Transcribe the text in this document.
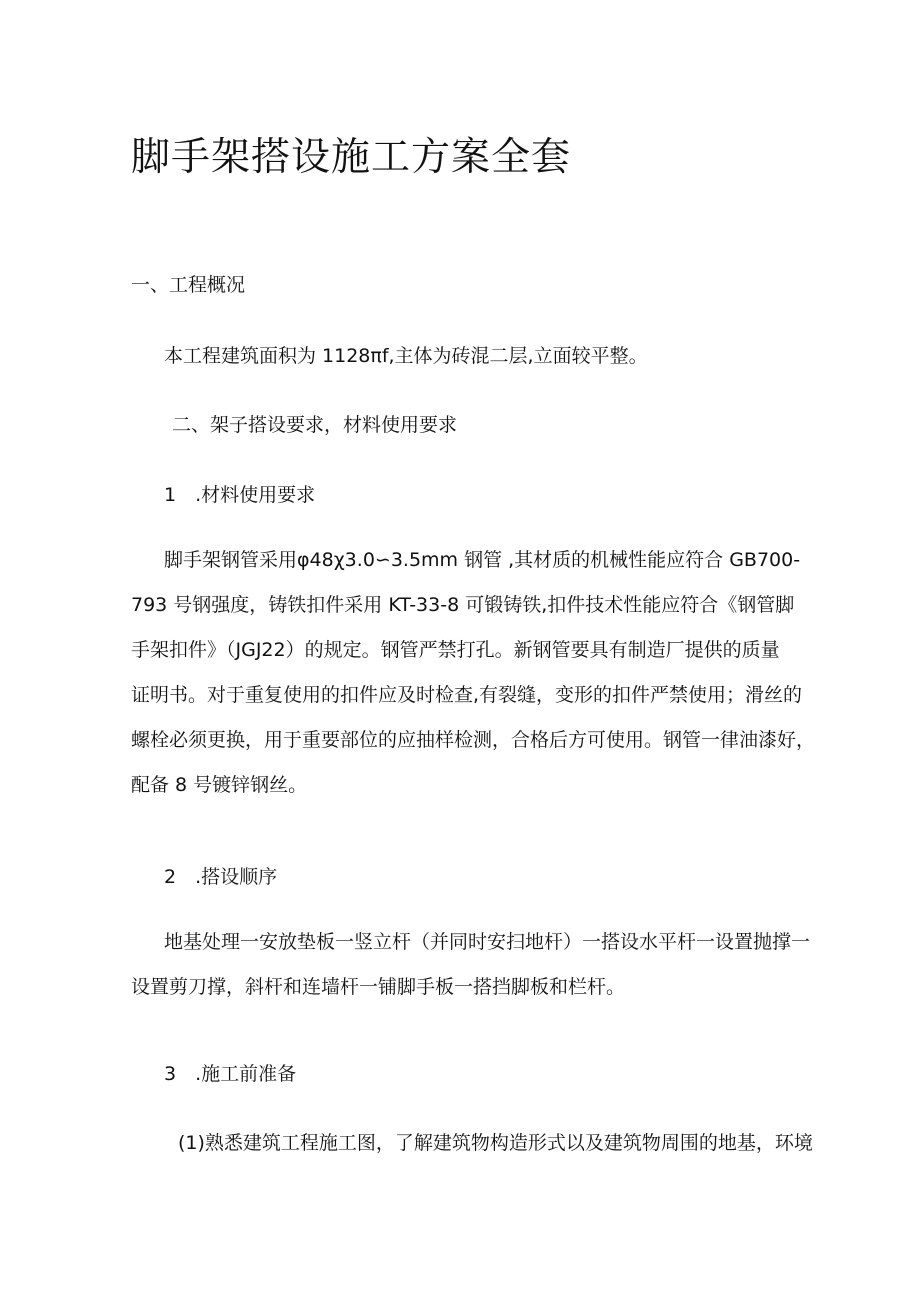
脚手架搭设施工方案全套

一、工程概况

本工程建筑面积为 1128πf,主体为砖混二层,立面较平整。

二、架子搭设要求，材料使用要求

1　.材料使用要求

脚手架钢管采用φ48χ3.0∽3.5mm 钢管 ,其材质的机械性能应符合 GB700-
793 号钢强度，铸铁扣件采用 KT-33-8 可锻铸铁,扣件技术性能应符合《钢管脚
手架扣件》（JGJ22）的规定。钢管严禁打孔。新钢管要具有制造厂提供的质量
证明书。对于重复使用的扣件应及时检查,有裂缝，变形的扣件严禁使用；滑丝的
螺栓必须更换，用于重要部位的应抽样检测，合格后方可使用。钢管一律油漆好，
配备 8 号镀锌钢丝。

2　.搭设顺序

地基处理一安放垫板一竖立杆（并同时安扫地杆）一搭设水平杆一设置抛撑一
设置剪刀撑，斜杆和连墙杆一铺脚手板一搭挡脚板和栏杆。

3　.施工前准备

(1)熟悉建筑工程施工图，了解建筑物构造形式以及建筑物周围的地基，环境
